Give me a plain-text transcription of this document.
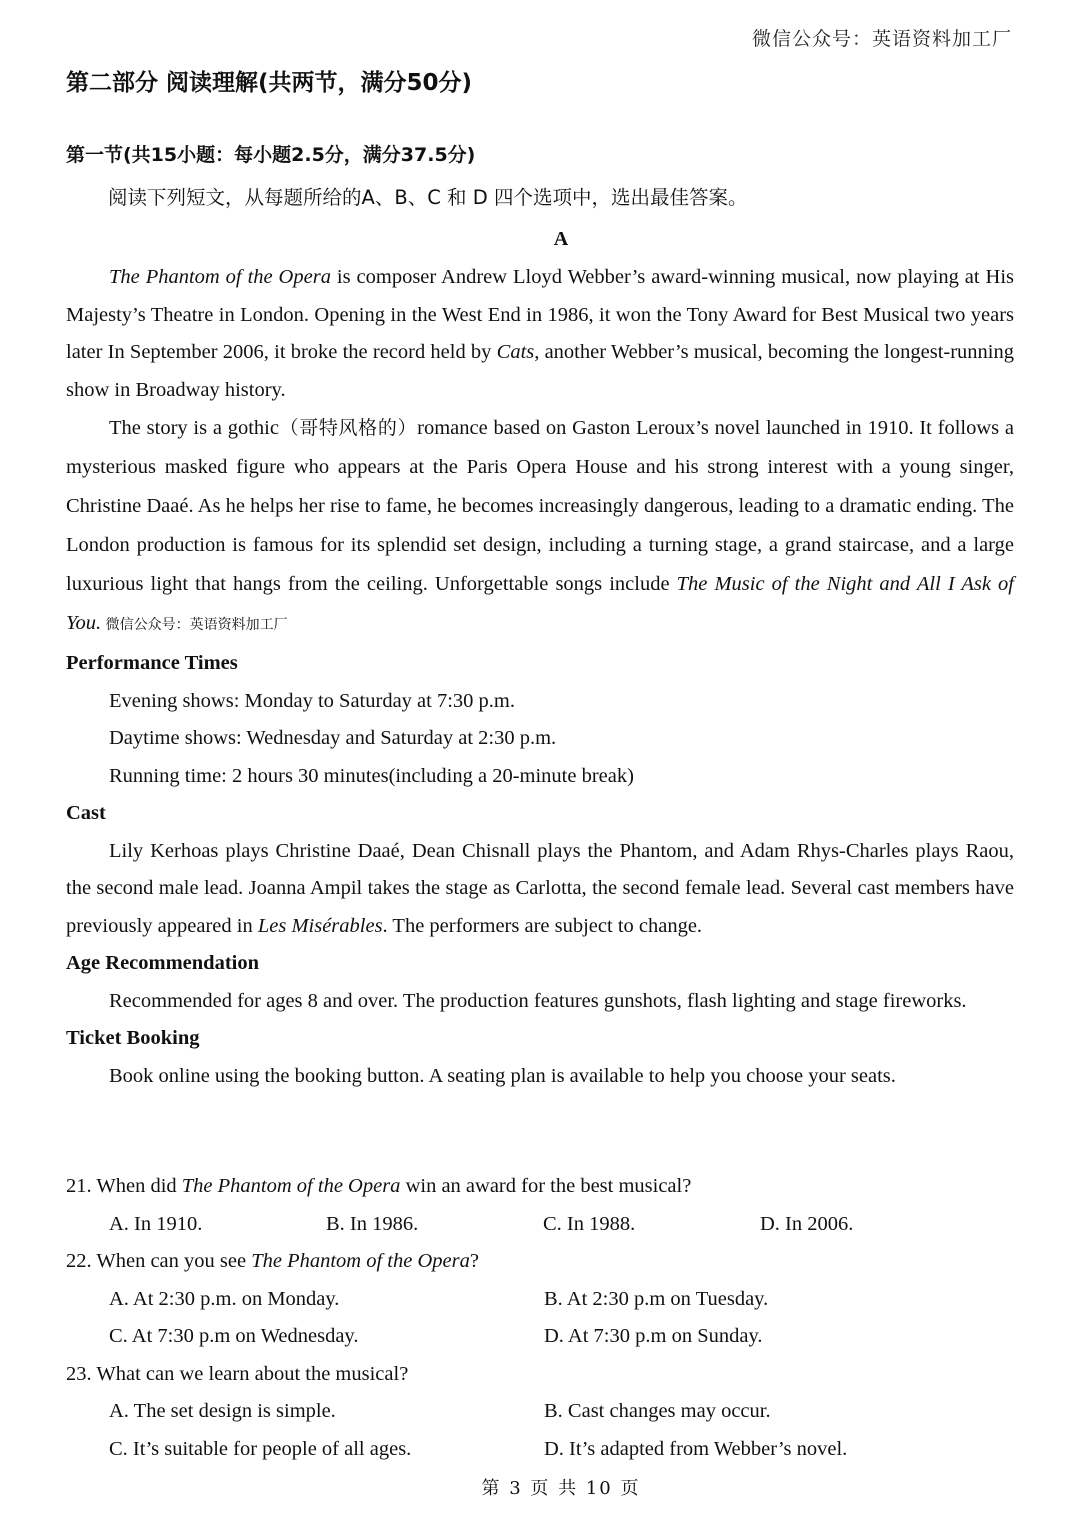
微信公众号：英语资料加工厂
第二部分 阅读理解(共两节，满分50分)
第一节(共15小题：每小题2.5分，满分37.5分)
阅读下列短文，从每题所给的A、B、C 和 D 四个选项中，选出最佳答案。
A

The Phantom of the Opera is composer Andrew Lloyd Webber’s award-winning musical, now playing at His Majesty’s Theatre in London. Opening in the West End in 1986, it won the Tony Award for Best Musical two years later In September 2006, it broke the record held by Cats, another Webber’s musical, becoming the longest-running show in Broadway history.

The story is a gothic（哥特风格的）romance based on Gaston Leroux’s novel launched in 1910. It follows a mysterious masked figure who appears at the Paris Opera House and his strong interest with a young singer, Christine Daaé. As he helps her rise to fame, he becomes increasingly dangerous, leading to a dramatic ending. The London production is famous for its splendid set design, including a turning stage, a grand staircase, and a large luxurious light that hangs from the ceiling. Unforgettable songs include The Music of the Night and All I Ask of You. 微信公众号：英语资料加工厂

Performance Times

Evening shows: Monday to Saturday at 7:30 p.m.

Daytime shows: Wednesday and Saturday at 2:30 p.m.

Running time: 2 hours 30 minutes(including a 20-minute break)

Cast

Lily Kerhoas plays Christine Daaé, Dean Chisnall plays the Phantom, and Adam Rhys-Charles plays Raou, the second male lead. Joanna Ampil takes the stage as Carlotta, the second female lead. Several cast members have previously appeared in Les Misérables. The performers are subject to change.

Age Recommendation

Recommended for ages 8 and over. The production features gunshots, flash lighting and stage fireworks.

Ticket Booking

Book online using the booking button. A seating plan is available to help you choose your seats.

21. When did The Phantom of the Opera win an award for the best musical?

A. In 1910.	B. In 1986.	C. In 1988.	D. In 2006.

22. When can you see The Phantom of the Opera?

A. At 2:30 p.m. on Monday.	B. At 2:30 p.m on Tuesday.
C. At 7:30 p.m on Wednesday.	D. At 7:30 p.m on Sunday.

23. What can we learn about the musical?

A. The set design is simple.	B. Cast changes may occur.
C. It’s suitable for people of all ages.	D. It’s adapted from Webber’s novel.
第 3 页 共 10 页
